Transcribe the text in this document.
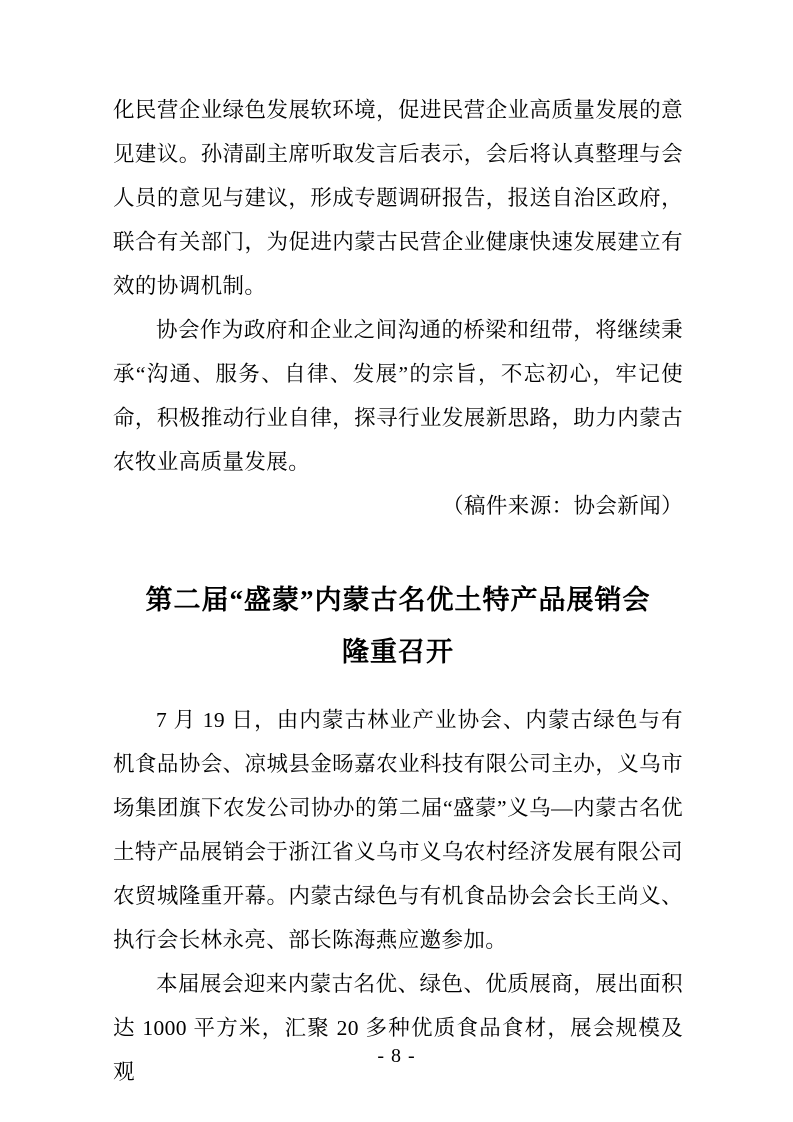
化民营企业绿色发展软环境，促进民营企业高质量发展的意见建议。孙清副主席听取发言后表示，会后将认真整理与会人员的意见与建议，形成专题调研报告，报送自治区政府，联合有关部门，为促进内蒙古民营企业健康快速发展建立有效的协调机制。

协会作为政府和企业之间沟通的桥梁和纽带，将继续秉承“沟通、服务、自律、发展”的宗旨，不忘初心，牢记使命，积极推动行业自律，探寻行业发展新思路，助力内蒙古农牧业高质量发展。

（稿件来源：协会新闻）

第二届“盛蒙”内蒙古名优土特产品展销会
隆重召开

7 月 19 日，由内蒙古林业产业协会、内蒙古绿色与有机食品协会、凉城县金旸嘉农业科技有限公司主办，义乌市场集团旗下农发公司协办的第二届“盛蒙”义乌—内蒙古名优土特产品展销会于浙江省义乌市义乌农村经济发展有限公司农贸城隆重开幕。内蒙古绿色与有机食品协会会长王尚义、执行会长林永亮、部长陈海燕应邀参加。

本届展会迎来内蒙古名优、绿色、优质展商，展出面积达 1000 平方米，汇聚 20 多种优质食品食材，展会规模及观

- 8 -
